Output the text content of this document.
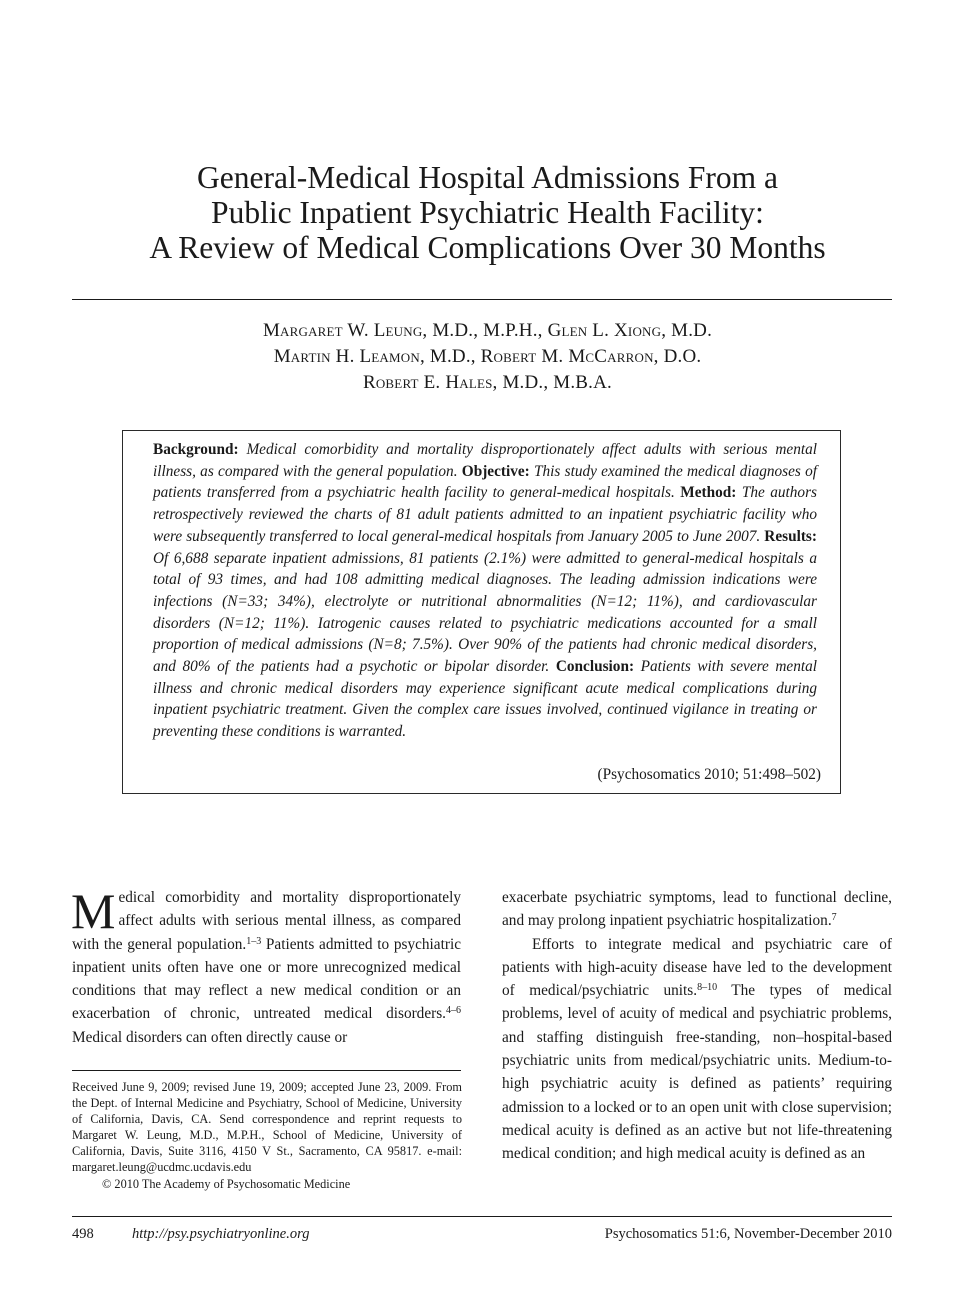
General-Medical Hospital Admissions From a
Public Inpatient Psychiatric Health Facility:
A Review of Medical Complications Over 30 Months
Margaret W. Leung, M.D., M.P.H., Glen L. Xiong, M.D.
Martin H. Leamon, M.D., Robert M. McCarron, D.O.
Robert E. Hales, M.D., M.B.A.
Background: Medical comorbidity and mortality disproportionately affect adults with serious mental illness, as compared with the general population. Objective: This study examined the medical diagnoses of patients transferred from a psychiatric health facility to general-medical hospitals. Method: The authors retrospectively reviewed the charts of 81 adult patients admitted to an inpatient psychiatric facility who were subsequently transferred to local general-medical hospitals from January 2005 to June 2007. Results: Of 6,688 separate inpatient admissions, 81 patients (2.1%) were admitted to general-medical hospitals a total of 93 times, and had 108 admitting medical diagnoses. The leading admission indications were infections (N=33; 34%), electrolyte or nutritional abnormalities (N=12; 11%), and cardiovascular disorders (N=12; 11%). Iatrogenic causes related to psychiatric medications accounted for a small proportion of medical admissions (N=8; 7.5%). Over 90% of the patients had chronic medical disorders, and 80% of the patients had a psychotic or bipolar disorder. Conclusion: Patients with severe mental illness and chronic medical disorders may experience significant acute medical complications during inpatient psychiatric treatment. Given the complex care issues involved, continued vigilance in treating or preventing these conditions is warranted.
(Psychosomatics 2010; 51:498–502)

Medical comorbidity and mortality disproportionately affect adults with serious mental illness, as compared with the general population.$^{1-3}$ Patients admitted to psychiatric inpatient units often have one or more unrecognized medical conditions that may reflect a new medical condition or an exacerbation of chronic, untreated medical disorders.$^{4-6}$ Medical disorders can often directly cause or

exacerbate psychiatric symptoms, lead to functional decline, and may prolong inpatient psychiatric hospitalization.$^7$

Efforts to integrate medical and psychiatric care of patients with high-acuity disease have led to the development of medical/psychiatric units.$^{8-10}$ The types of medical problems, level of acuity of medical and psychiatric problems, and staffing distinguish free-standing, non–hospital-based psychiatric units from medical/psychiatric units. Medium-to-high psychiatric acuity is defined as patients’ requiring admission to a locked or to an open unit with close supervision; medical acuity is defined as an active but not life-threatening medical condition; and high medical acuity is defined as an

Received June 9, 2009; revised June 19, 2009; accepted June 23, 2009. From the Dept. of Internal Medicine and Psychiatry, School of Medicine, University of California, Davis, CA. Send correspondence and reprint requests to Margaret W. Leung, M.D., M.P.H., School of Medicine, University of California, Davis, Suite 3116, 4150 V St., Sacramento, CA 95817. e-mail: margaret.leung@ucdmc.ucdavis.edu
© 2010 The Academy of Psychosomatic Medicine
498	http://psy.psychiatryonline.org	Psychosomatics 51:6, November-December 2010
